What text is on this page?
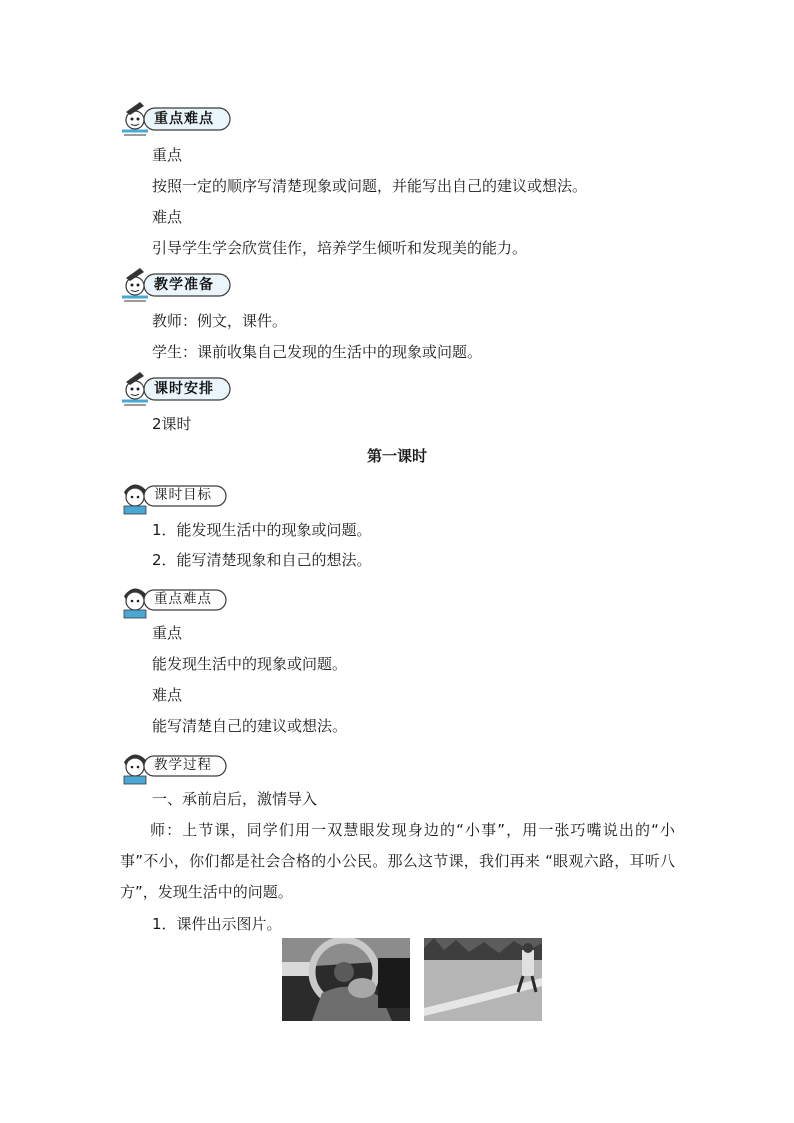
重点难点

重点

按照一定的顺序写清楚现象或问题，并能写出自己的建议或想法。

难点

引导学生学会欣赏佳作，培养学生倾听和发现美的能力。

教学准备

教师：例文，课件。

学生：课前收集自己发现的生活中的现象或问题。

课时安排

2课时

第一课时
课时目标

1．能发现生活中的现象或问题。

2．能写清楚现象和自己的想法。

重点难点

重点

能发现生活中的现象或问题。

难点

能写清楚自己的建议或想法。

教学过程

一、承前启后，激情导入

师：上节课，同学们用一双慧眼发现身边的“小事”，用一张巧嘴说出的“小事”不小，你们都是社会合格的小公民。那么这节课，我们再来 “眼观六路，耳听八方”，发现生活中的问题。

1．课件出示图片。
